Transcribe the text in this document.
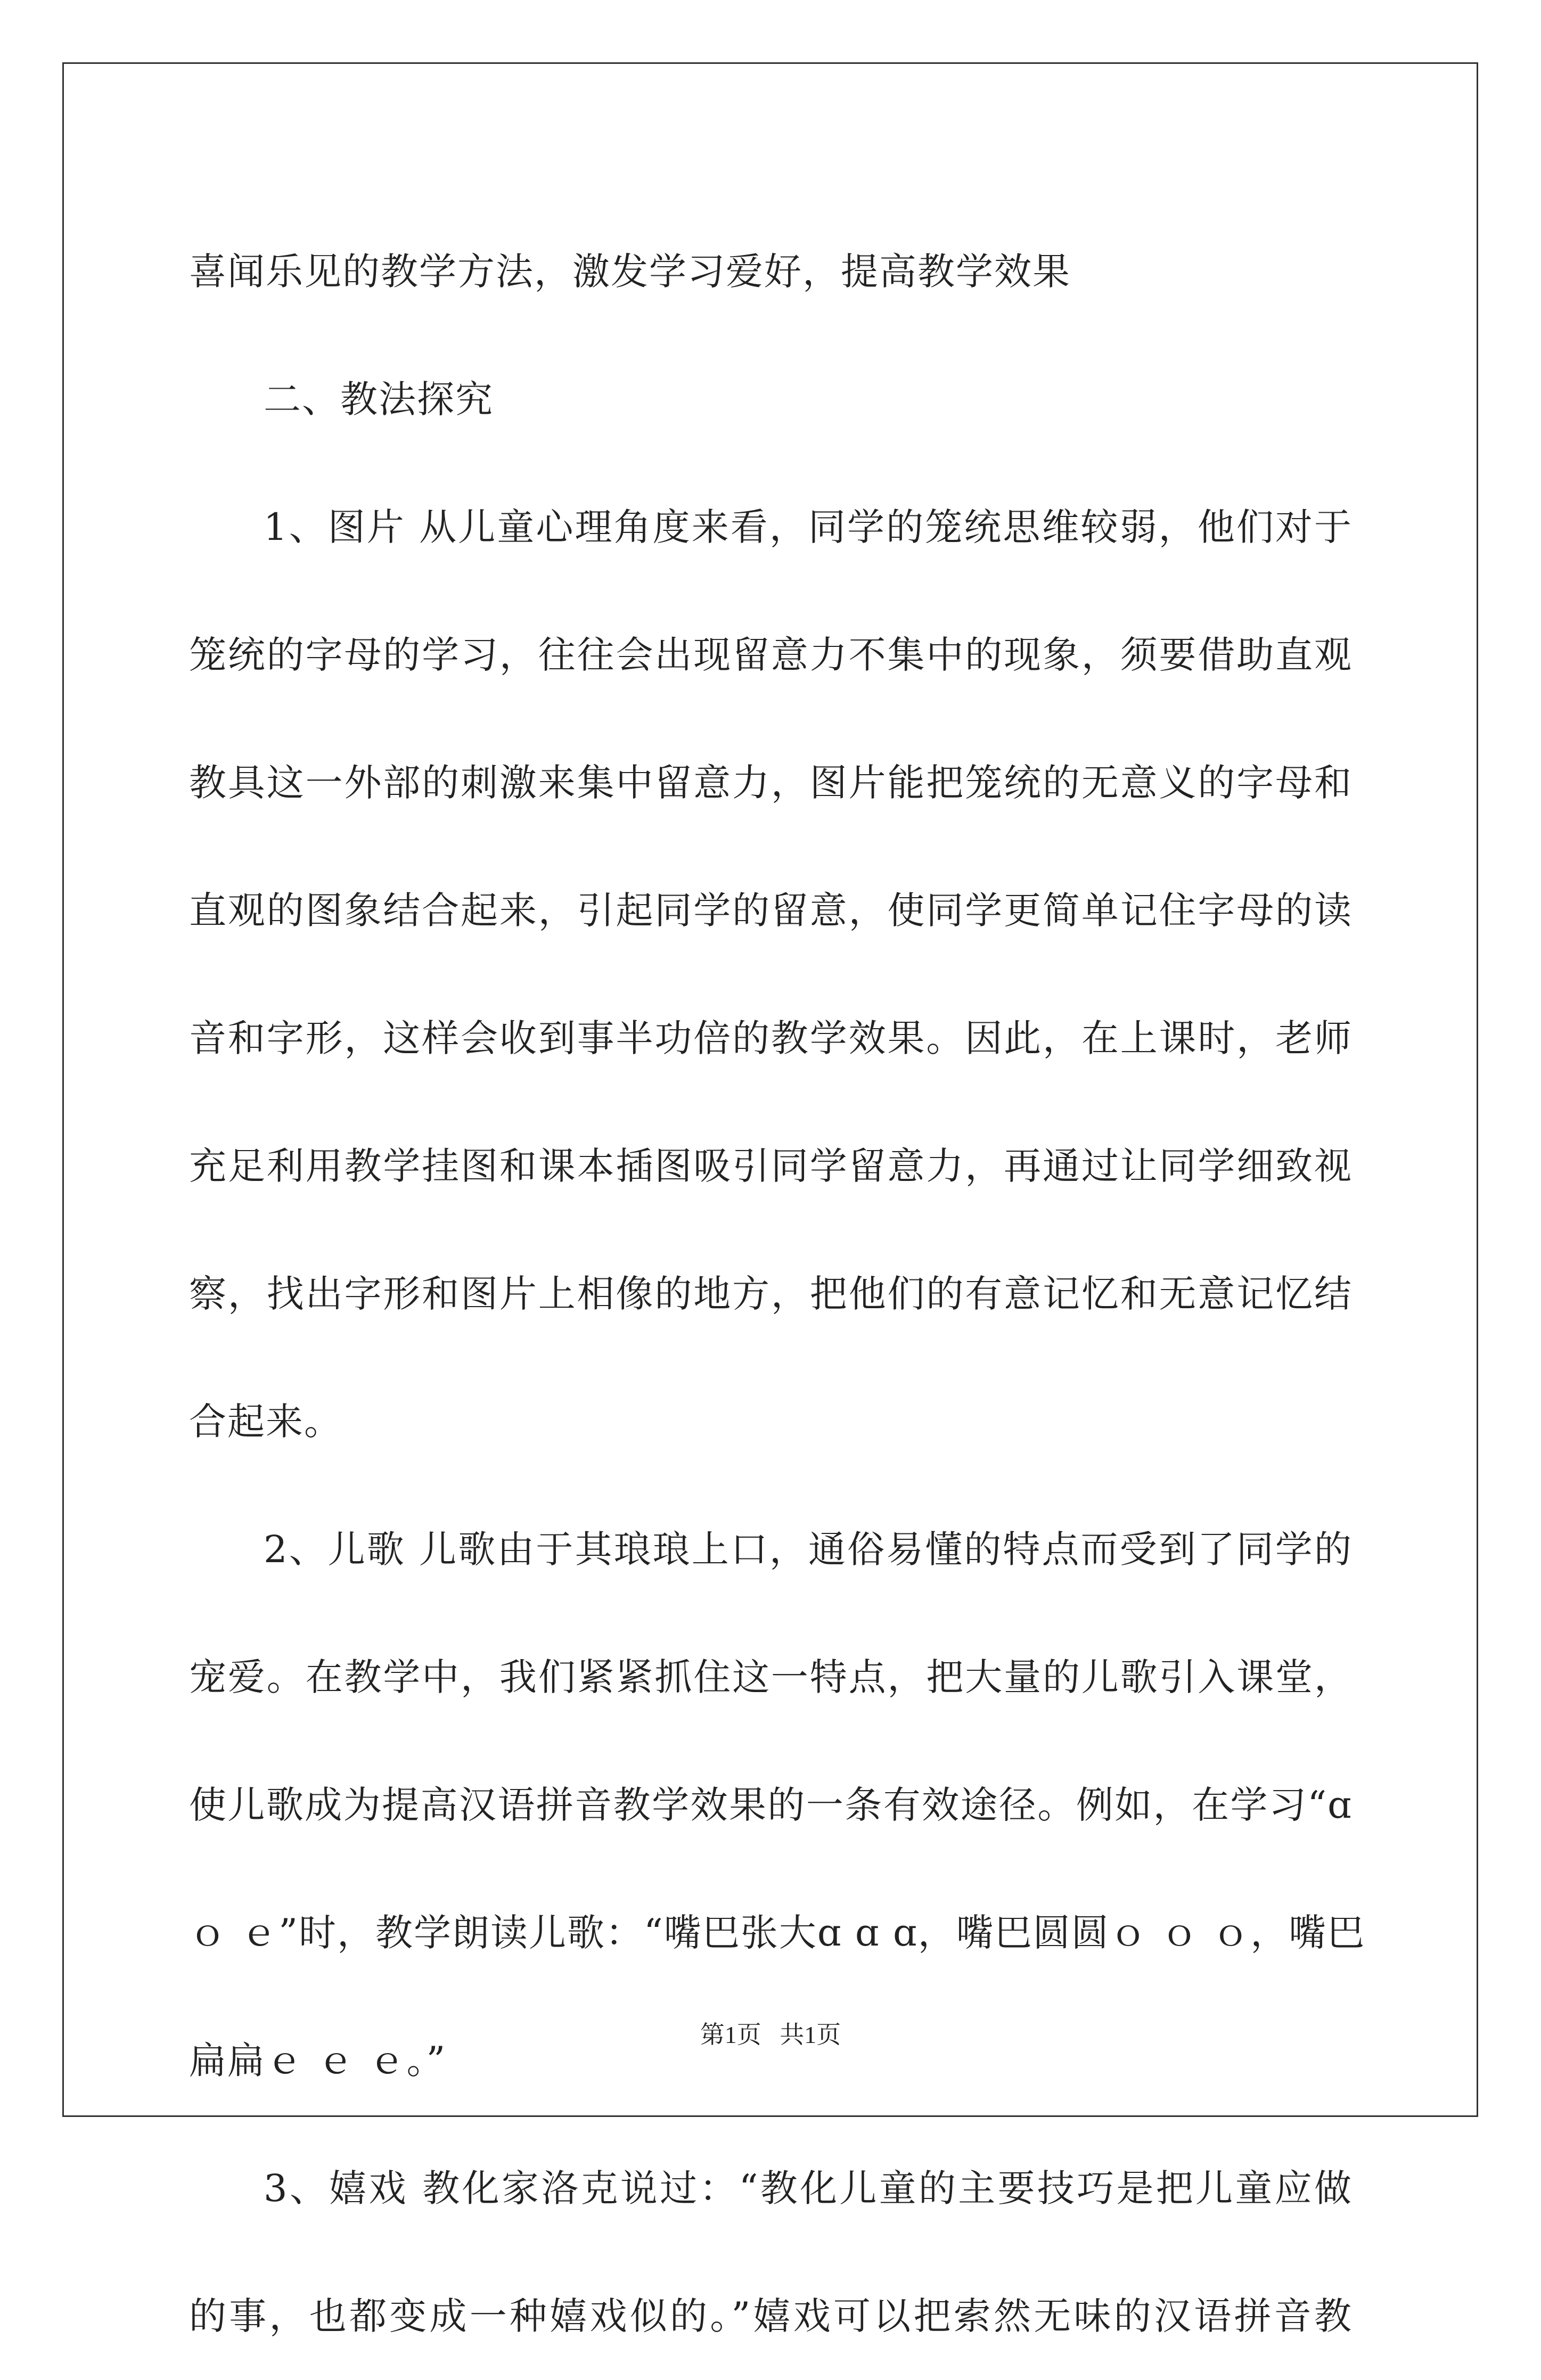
喜闻乐见的教学方法，激发学习爱好，提高教学效果
二、教法探究
1、图片 从儿童心理角度来看，同学的笼统思维较弱，他们对于
笼统的字母的学习，往往会出现留意力不集中的现象，须要借助直观
教具这一外部的刺激来集中留意力，图片能把笼统的无意义的字母和
直观的图象结合起来，引起同学的留意，使同学更简单记住字母的读
音和字形，这样会收到事半功倍的教学效果。因此，在上课时，老师
充足利用教学挂图和课本插图吸引同学留意力，再通过让同学细致视
察，找出字形和图片上相像的地方，把他们的有意记忆和无意记忆结
合起来。
2、儿歌 儿歌由于其琅琅上口，通俗易懂的特点而受到了同学的
宠爱。在教学中，我们紧紧抓住这一特点，把大量的儿歌引入课堂，
使儿歌成为提高汉语拼音教学效果的一条有效途径。例如，在学习“ɑ
ｏ ｅ”时，教学朗读儿歌：“嘴巴张大ɑ ɑ ɑ，嘴巴圆圆ｏ ｏ ｏ，嘴巴
扁扁ｅ ｅ ｅ。”
3、嬉戏 教化家洛克说过：“教化儿童的主要技巧是把儿童应做
的事，也都变成一种嬉戏似的。”嬉戏可以把索然无味的汉语拼音教
第1页   共1页
